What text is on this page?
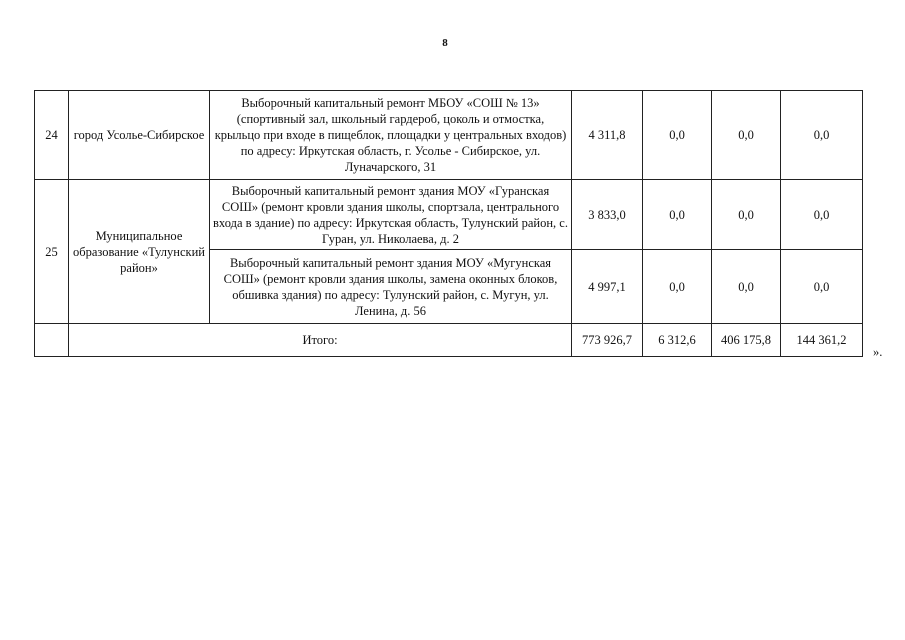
8
24	город Усолье-Сибирское	Выборочный капитальный ремонт МБОУ «СОШ № 13» (спортивный зал, школьный гардероб, цоколь и отмостка, крыльцо при входе в пищеблок, площадки у центральных входов) по адресу: Иркутская область, г. Усолье - Сибирское, ул. Луначарского, 31	4 311,8	0,0	0,0	0,0
25	Муниципальное образование «Тулунский район»	Выборочный капитальный ремонт здания МОУ «Гуранская СОШ» (ремонт кровли здания школы, спортзала, центрального входа в здание) по адресу: Иркутская область, Тулунский район, с. Гуран, ул. Николаева, д. 2	3 833,0	0,0	0,0	0,0
		Выборочный капитальный ремонт здания МОУ «Мугунская СОШ» (ремонт кровли здания школы, замена оконных блоков, обшивка здания) по адресу: Тулунский район, с. Мугун, ул. Ленина, д. 56	4 997,1	0,0	0,0	0,0
	Итого:		773 926,7	6 312,6	406 175,8	144 361,2
».
